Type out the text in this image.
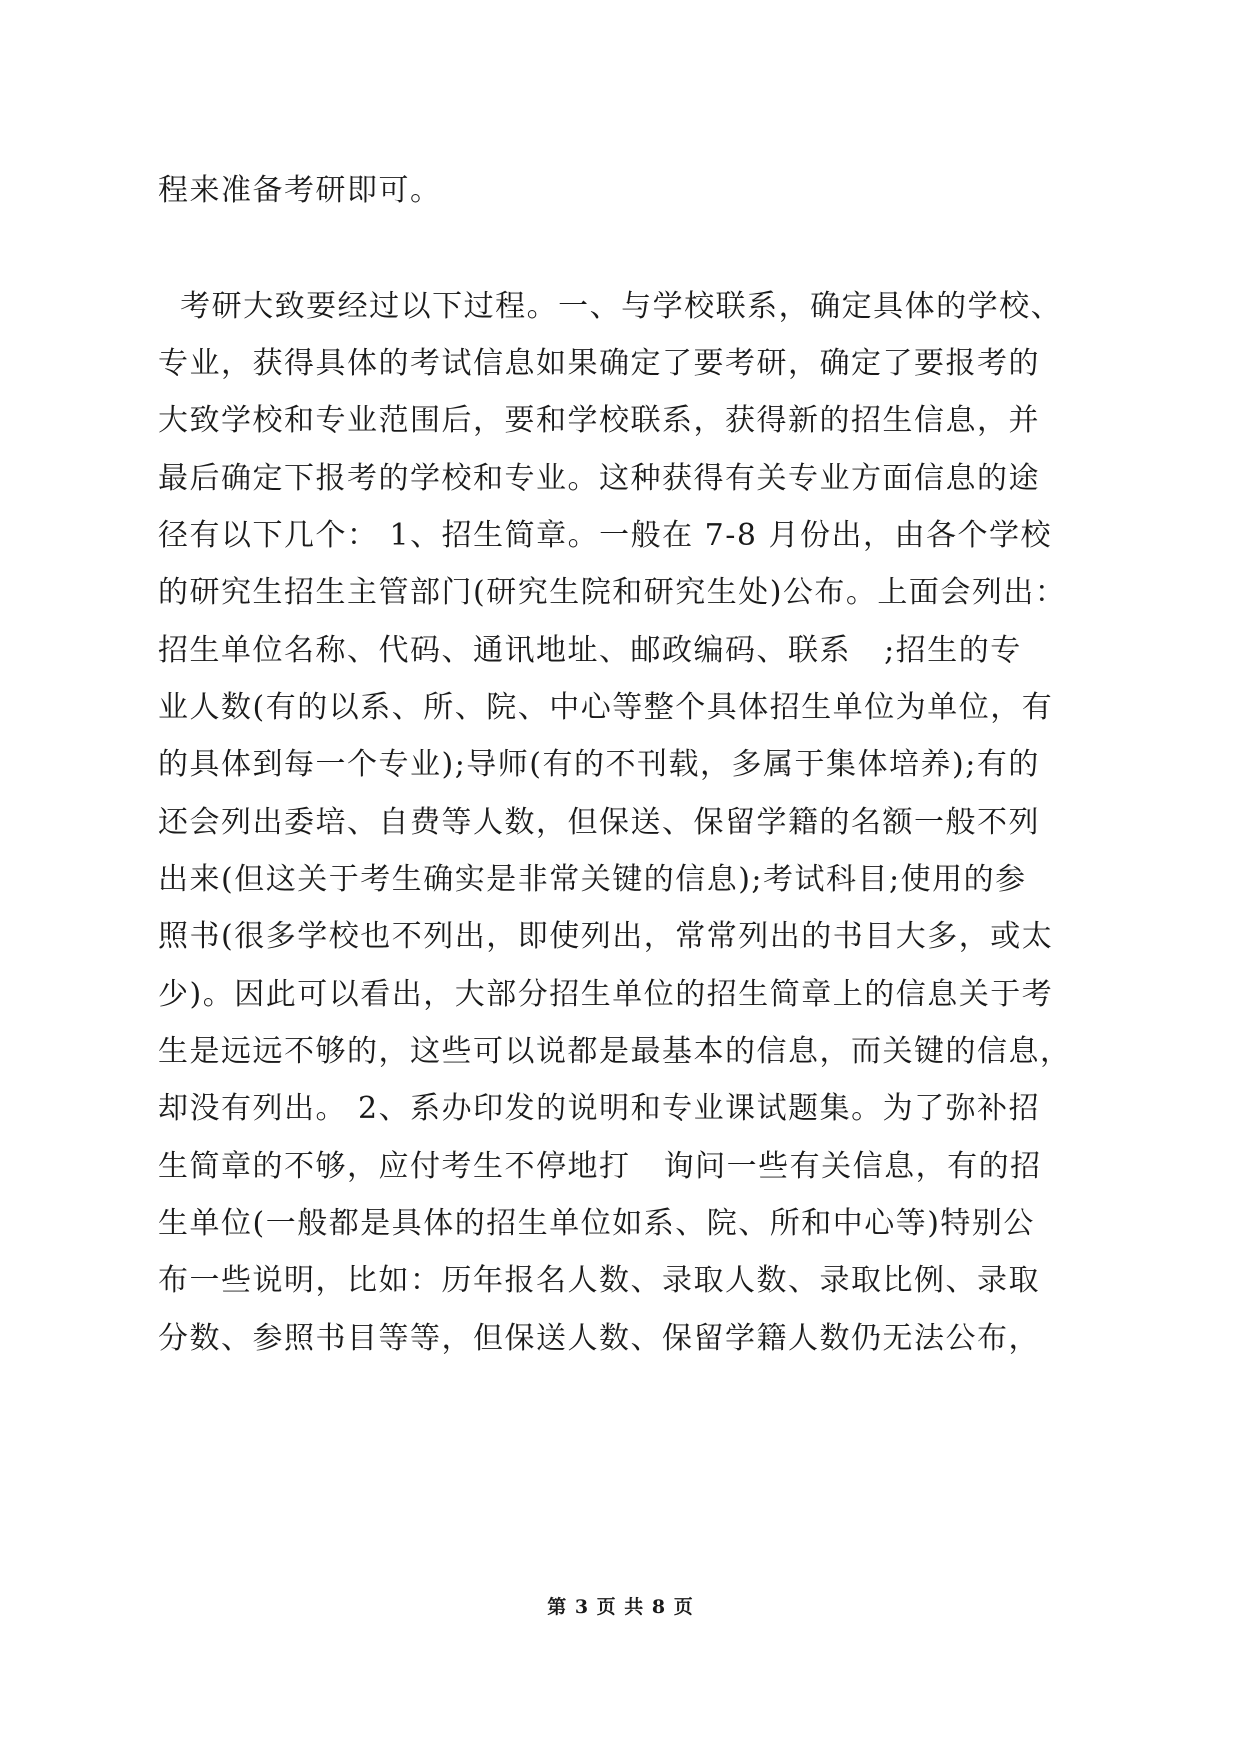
程来准备考研即可。
考研大致要经过以下过程。一、与学校联系，确定具体的学校、
专业，获得具体的考试信息如果确定了要考研，确定了要报考的
大致学校和专业范围后，要和学校联系，获得新的招生信息，并
最后确定下报考的学校和专业。这种获得有关专业方面信息的途
径有以下几个： 1、招生简章。一般在 7-8 月份出，由各个学校
的研究生招生主管部门(研究生院和研究生处)公布。上面会列出：
招生单位名称、代码、通讯地址、邮政编码、联系   ;招生的专
业人数(有的以系、所、院、中心等整个具体招生单位为单位，有
的具体到每一个专业);导师(有的不刊载，多属于集体培养);有的
还会列出委培、自费等人数，但保送、保留学籍的名额一般不列
出来(但这关于考生确实是非常关键的信息);考试科目;使用的参
照书(很多学校也不列出，即使列出，常常列出的书目大多，或太
少)。因此可以看出，大部分招生单位的招生简章上的信息关于考
生是远远不够的，这些可以说都是最基本的信息，而关键的信息，
却没有列出。 2、系办印发的说明和专业课试题集。为了弥补招
生简章的不够，应付考生不停地打   询问一些有关信息，有的招
生单位(一般都是具体的招生单位如系、院、所和中心等)特别公
布一些说明，比如：历年报名人数、录取人数、录取比例、录取
分数、参照书目等等，但保送人数、保留学籍人数仍无法公布，
第 3 页 共 8 页
